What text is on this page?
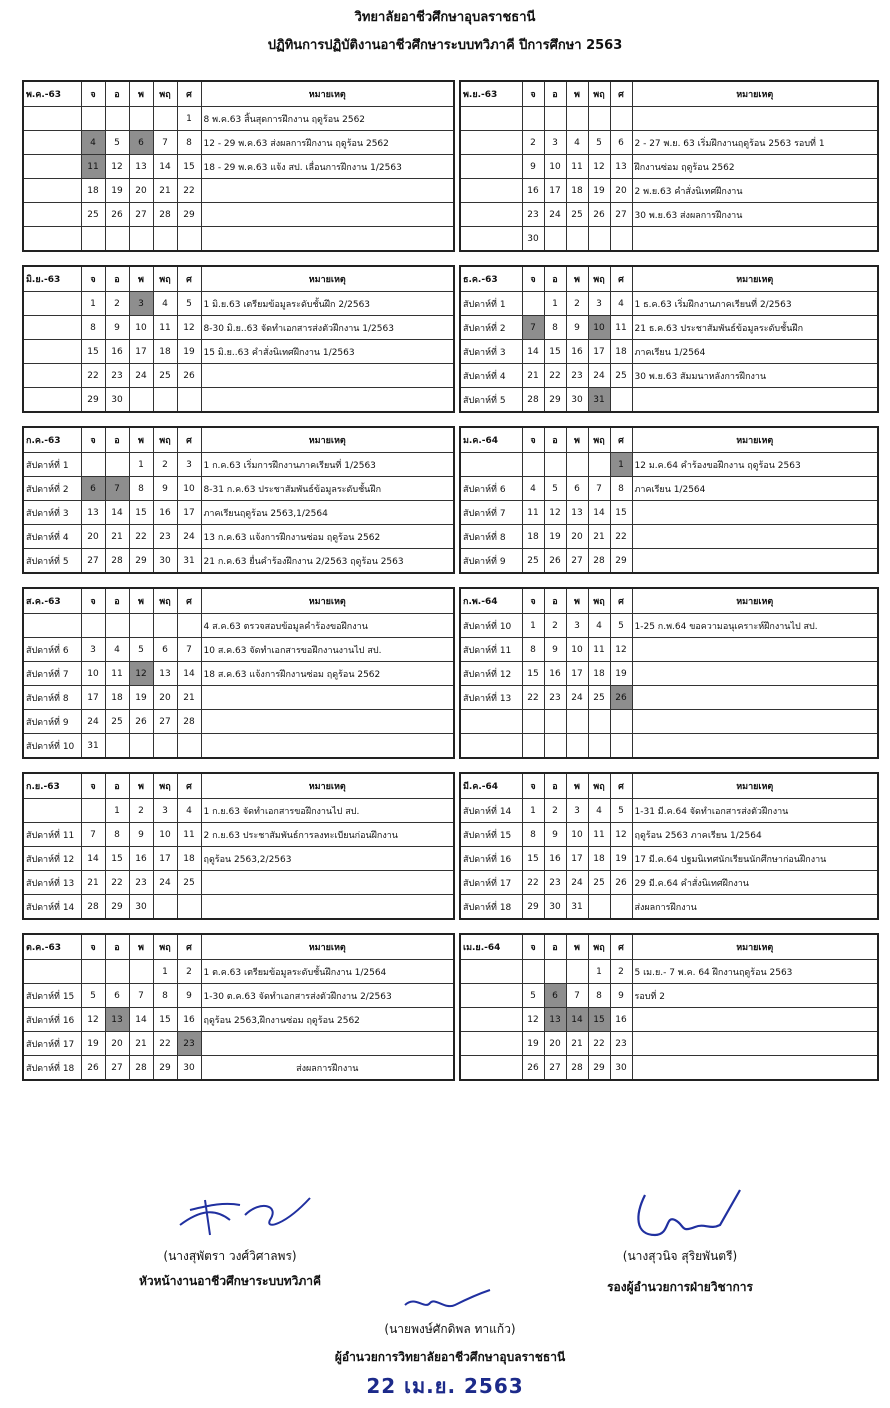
วิทยาลัยอาชีวศึกษาอุบลราชธานี
ปฏิทินการปฏิบัติงานอาชีวศึกษาระบบทวิภาคี ปีการศึกษา 2563
พ.ค.-63	จ	อ	พ	พฤ	ศ	หมายเหตุ
					1	8 พ.ค.63 สิ้นสุดการฝึกงาน ฤดูร้อน 2562
	4	5	6	7	8	12 - 29 พ.ค.63 ส่งผลการฝึกงาน ฤดูร้อน 2562
	11	12	13	14	15	18 - 29 พ.ค.63 แจ้ง สป. เลื่อนการฝึกงาน 1/2563
	18	19	20	21	22	
	25	26	27	28	29	

พ.ย.-63	จ	อ	พ	พฤ	ศ	หมายเหตุ

	2	3	4	5	6	2 - 27 พ.ย. 63 เริ่มฝึกงานฤดูร้อน 2563 รอบที่ 1
	9	10	11	12	13	ฝึกงานซ่อม ฤดูร้อน 2562
	16	17	18	19	20	2 พ.ย.63 คำสั่งนิเทศฝึกงาน
	23	24	25	26	27	30 พ.ย.63 ส่งผลการฝึกงาน
	30					
มิ.ย.-63	จ	อ	พ	พฤ	ศ	หมายเหตุ
	1	2	3	4	5	1 มิ.ย.63 เตรียมข้อมูลระดับชั้นฝึก 2/2563
	8	9	10	11	12	8-30 มิ.ย..63 จัดทำเอกสารส่งตัวฝึกงาน 1/2563
	15	16	17	18	19	15 มิ.ย..63 คำสั่งนิเทศฝึกงาน 1/2563
	22	23	24	25	26	
	29	30				
ธ.ค.-63	จ	อ	พ	พฤ	ศ	หมายเหตุ
สัปดาห์ที่ 1		1	2	3	4	1 ธ.ค.63 เริ่มฝึกงานภาคเรียนที่ 2/2563
สัปดาห์ที่ 2	7	8	9	10	11	21 ธ.ค.63 ประชาสัมพันธ์ข้อมูลระดับชั้นฝึก
สัปดาห์ที่ 3	14	15	16	17	18	ภาคเรียน 1/2564
สัปดาห์ที่ 4	21	22	23	24	25	30 พ.ย.63 สัมมนาหลังการฝึกงาน
สัปดาห์ที่ 5	28	29	30	31		
ก.ค.-63	จ	อ	พ	พฤ	ศ	หมายเหตุ
สัปดาห์ที่ 1			1	2	3	1 ก.ค.63 เริ่มการฝึกงานภาคเรียนที่ 1/2563
สัปดาห์ที่ 2	6	7	8	9	10	8-31 ก.ค.63 ประชาสัมพันธ์ข้อมูลระดับชั้นฝึก
สัปดาห์ที่ 3	13	14	15	16	17	ภาคเรียนฤดูร้อน 2563,1/2564
สัปดาห์ที่ 4	20	21	22	23	24	13 ก.ค.63 แจ้งการฝึกงานซ่อม ฤดูร้อน 2562
สัปดาห์ที่ 5	27	28	29	30	31	21 ก.ค.63 ยื่นคำร้องฝึกงาน 2/2563 ฤดูร้อน 2563
ม.ค.-64	จ	อ	พ	พฤ	ศ	หมายเหตุ
					1	12 ม.ค.64 คำร้องขอฝึกงาน ฤดูร้อน 2563
สัปดาห์ที่ 6	4	5	6	7	8	ภาคเรียน 1/2564
สัปดาห์ที่ 7	11	12	13	14	15	
สัปดาห์ที่ 8	18	19	20	21	22	
สัปดาห์ที่ 9	25	26	27	28	29	
ส.ค.-63	จ	อ	พ	พฤ	ศ	หมายเหตุ
						4 ส.ค.63 ตรวจสอบข้อมูลคำร้องขอฝึกงาน
สัปดาห์ที่ 6	3	4	5	6	7	10 ส.ค.63 จัดทำเอกสารขอฝึกงานงานไป สป.
สัปดาห์ที่ 7	10	11	12	13	14	18 ส.ค.63 แจ้งการฝึกงานซ่อม ฤดูร้อน 2562
สัปดาห์ที่ 8	17	18	19	20	21	
สัปดาห์ที่ 9	24	25	26	27	28	
สัปดาห์ที่ 10	31					
ก.พ.-64	จ	อ	พ	พฤ	ศ	หมายเหตุ
สัปดาห์ที่ 10	1	2	3	4	5	1-25 ก.พ.64 ขอความอนุเคราะห์ฝึกงานไป สป.
สัปดาห์ที่ 11	8	9	10	11	12	
สัปดาห์ที่ 12	15	16	17	18	19	
สัปดาห์ที่ 13	22	23	24	25	26	

ก.ย.-63	จ	อ	พ	พฤ	ศ	หมายเหตุ
		1	2	3	4	1 ก.ย.63 จัดทำเอกสารขอฝึกงานไป สป.
สัปดาห์ที่ 11	7	8	9	10	11	2 ก.ย.63 ประชาสัมพันธ์การลงทะเบียนก่อนฝึกงาน
สัปดาห์ที่ 12	14	15	16	17	18	ฤดูร้อน 2563,2/2563
สัปดาห์ที่ 13	21	22	23	24	25	
สัปดาห์ที่ 14	28	29	30			
มี.ค.-64	จ	อ	พ	พฤ	ศ	หมายเหตุ
สัปดาห์ที่ 14	1	2	3	4	5	1-31 มี.ค.64 จัดทำเอกสารส่งตัวฝึกงาน
สัปดาห์ที่ 15	8	9	10	11	12	ฤดูร้อน 2563 ภาคเรียน 1/2564
สัปดาห์ที่ 16	15	16	17	18	19	17 มี.ค.64 ปฐมนิเทศนักเรียนนักศึกษาก่อนฝึกงาน
สัปดาห์ที่ 17	22	23	24	25	26	29 มี.ค.64 คำสั่งนิเทศฝึกงาน
สัปดาห์ที่ 18	29	30	31			ส่งผลการฝึกงาน
ต.ค.-63	จ	อ	พ	พฤ	ศ	หมายเหตุ
				1	2	1 ต.ค.63 เตรียมข้อมูลระดับชั้นฝึกงาน 1/2564
สัปดาห์ที่ 15	5	6	7	8	9	1-30 ต.ค.63 จัดทำเอกสารส่งตัวฝึกงาน 2/2563
สัปดาห์ที่ 16	12	13	14	15	16	ฤดูร้อน 2563,ฝึกงานซ่อม ฤดูร้อน 2562
สัปดาห์ที่ 17	19	20	21	22	23	
สัปดาห์ที่ 18	26	27	28	29	30	ส่งผลการฝึกงาน
เม.ย.-64	จ	อ	พ	พฤ	ศ	หมายเหตุ
				1	2	5 เม.ย.- 7 พ.ค. 64 ฝึกงานฤดูร้อน 2563
	5	6	7	8	9	รอบที่ 2
	12	13	14	15	16	
	19	20	21	22	23	
	26	27	28	29	30	
(นางสุพัตรา วงศ์วิศาลพร)
หัวหน้างานอาชีวศึกษาระบบทวิภาคี
(นางสุวนิจ สุริยพันตรี)
รองผู้อำนวยการฝ่ายวิชาการ
(นายพงษ์ศักดิพล ทาแก้ว)
ผู้อำนวยการวิทยาลัยอาชีวศึกษาอุบลราชธานี
22 เม.ย. 2563
